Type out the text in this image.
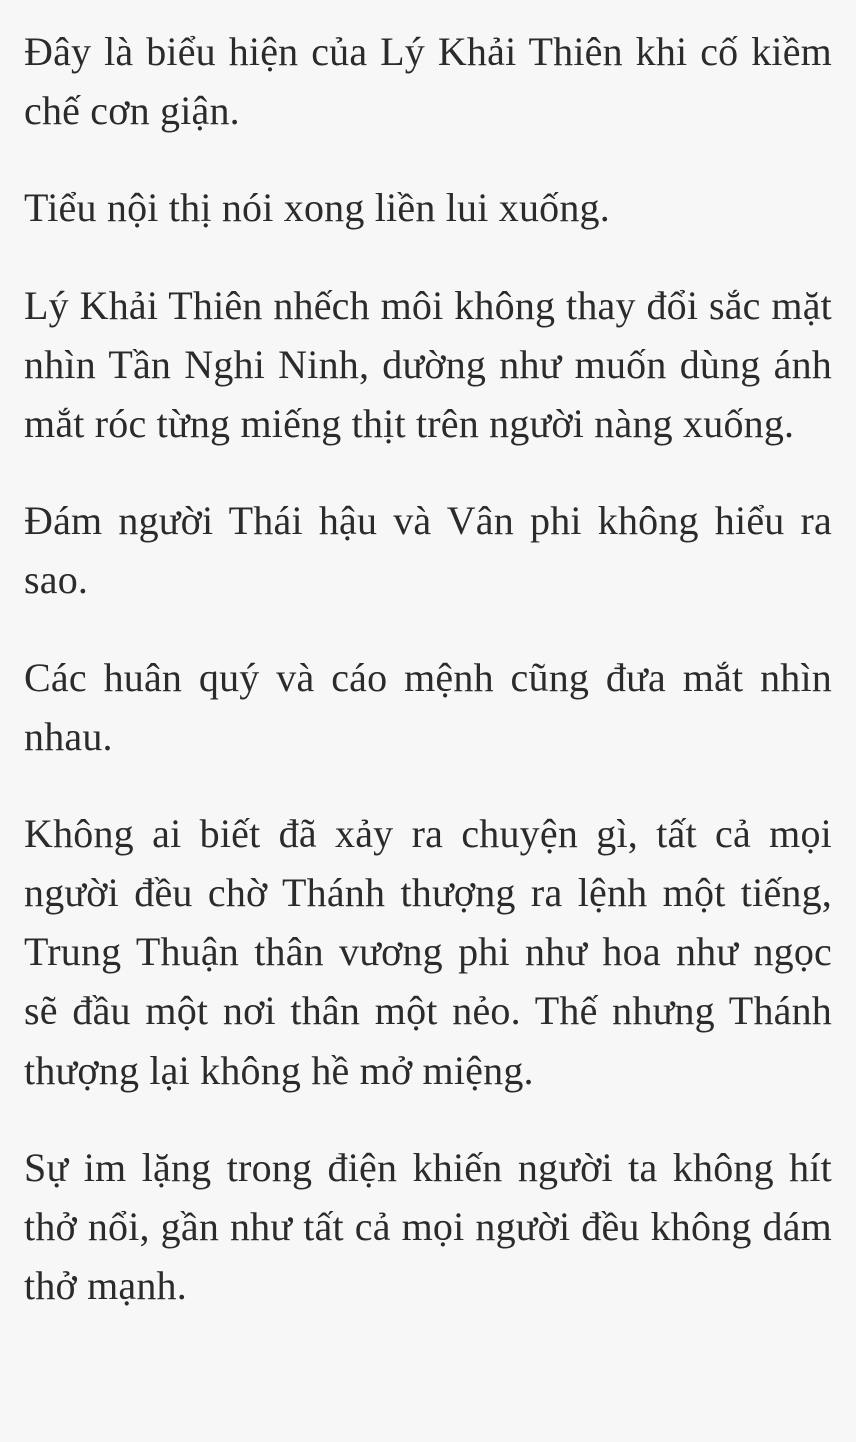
Đây là biểu hiện của Lý Khải Thiên khi cố kiềm chế cơn giận.

Tiểu nội thị nói xong liền lui xuống.

Lý Khải Thiên nhếch môi không thay đổi sắc mặt nhìn Tần Nghi Ninh, dường như muốn dùng ánh mắt róc từng miếng thịt trên người nàng xuống.

Đám người Thái hậu và Vân phi không hiểu ra sao.

Các huân quý và cáo mệnh cũng đưa mắt nhìn nhau.

Không ai biết đã xảy ra chuyện gì, tất cả mọi người đều chờ Thánh thượng ra lệnh một tiếng, Trung Thuận thân vương phi như hoa như ngọc sẽ đầu một nơi thân một nẻo. Thế nhưng Thánh thượng lại không hề mở miệng.

Sự im lặng trong điện khiến người ta không hít thở nổi, gần như tất cả mọi người đều không dám thở mạnh.
